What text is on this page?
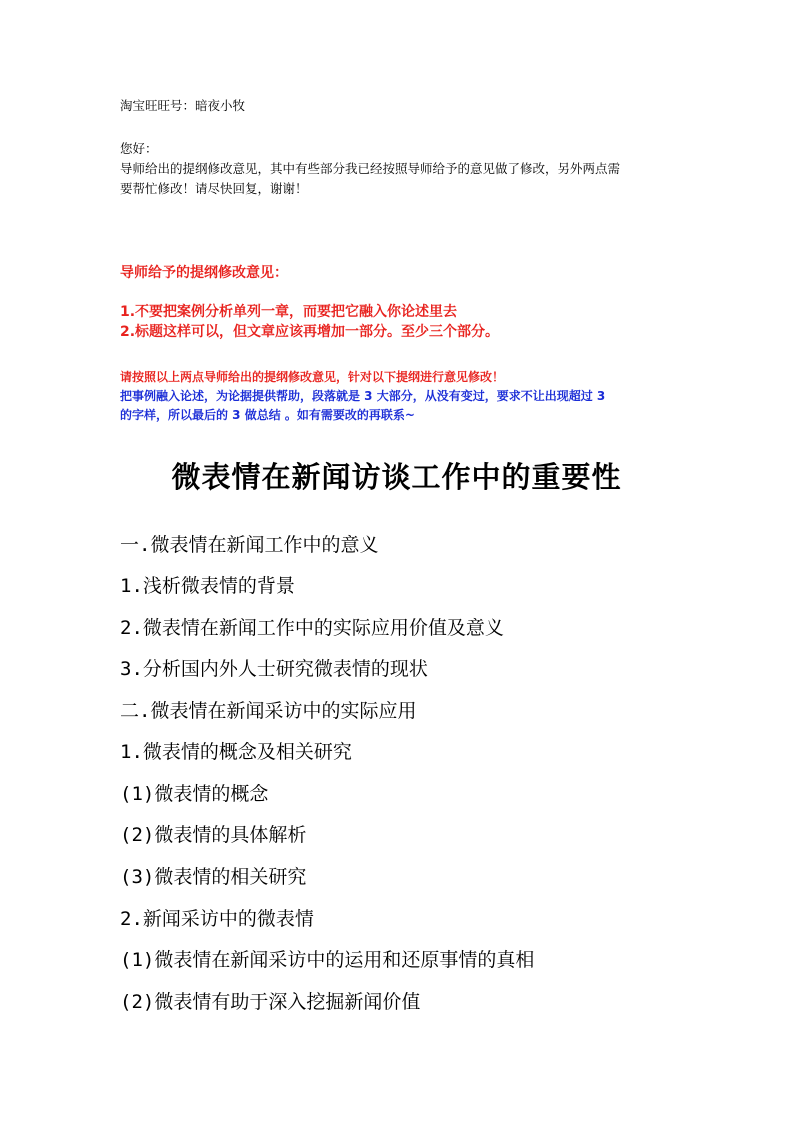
淘宝旺旺号：暗夜小牧
您好：
导师给出的提纲修改意见，其中有些部分我已经按照导师给予的意见做了修改，另外两点需
要帮忙修改！请尽快回复，谢谢！
导师给予的提纲修改意见：
1.不要把案例分析单列一章，而要把它融入你论述里去
2.标题这样可以，但文章应该再增加一部分。至少三个部分。
请按照以上两点导师给出的提纲修改意见，针对以下提纲进行意见修改！
把事例融入论述，为论据提供帮助，段落就是 3 大部分，从没有变过，要求不让出现超过 3
的字样，所以最后的 3 做总结 。如有需要改的再联系~
微表情在新闻访谈工作中的重要性
一.微表情在新闻工作中的意义
1.浅析微表情的背景
2.微表情在新闻工作中的实际应用价值及意义
3.分析国内外人士研究微表情的现状
二.微表情在新闻采访中的实际应用
1.微表情的概念及相关研究
(1)微表情的概念
(2)微表情的具体解析
(3)微表情的相关研究
2.新闻采访中的微表情
(1)微表情在新闻采访中的运用和还原事情的真相
(2)微表情有助于深入挖掘新闻价值
